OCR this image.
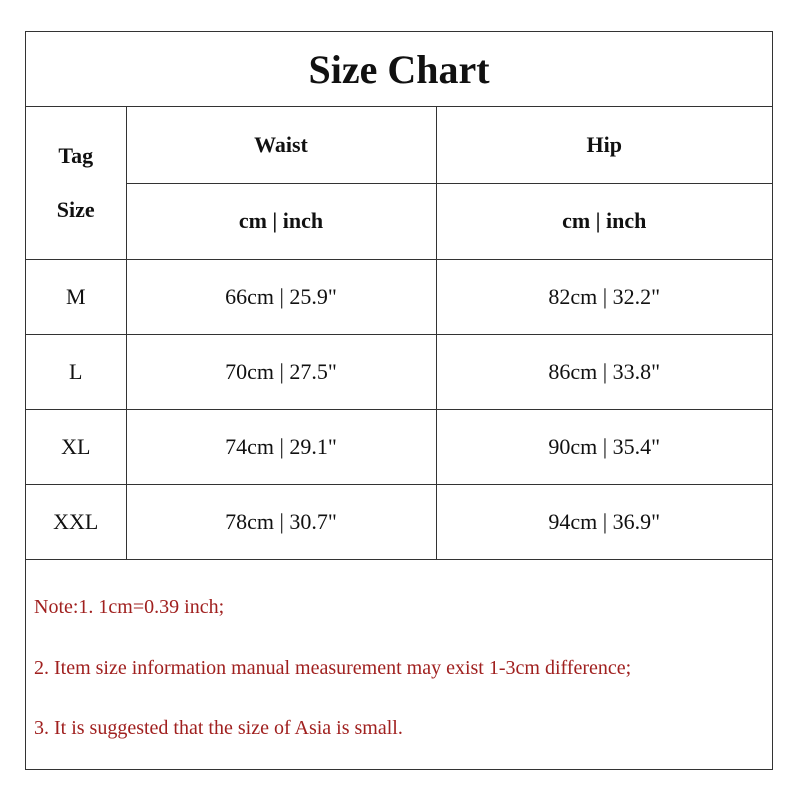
Size Chart
Tag
Size	Waist	Hip
	cm | inch	cm | inch
M	66cm | 25.9"	82cm | 32.2"
L	70cm | 27.5"	86cm | 33.8"
XL	74cm | 29.1"	90cm | 35.4"
XXL	78cm | 30.7"	94cm | 36.9"
Note:1. 1cm=0.39 inch;
2. Item size information manual measurement may exist 1-3cm difference;
3. It is suggested that the size of Asia is small.
